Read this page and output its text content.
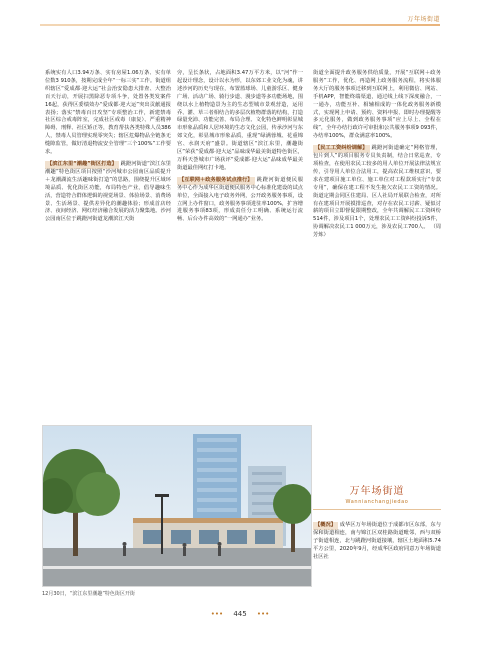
万年场街道

系统实有人口3.94万条、实有房屋1.06万条、实有单位数3 910条，按期完成全年“一标三实”工作。街道组织辖区“爱成都·迎大运”社会治安隐患大排查、大整治百天行动，开展扫黑除恶专项斗争，处置各类发案件16起，获得区委绩效办“爱成都·迎大运”突出贡献通报表扬；落实“禁毒百日攻坚”专项整治工作，新建禁毒社区综合戒毒阵室，完成社区戒毒（康复）、严重精神障碍、刑释、社区矫正等，教育帮扶各类特殊人员386人，禁毒人员管理实现零突失；辖区危爆物品全链条无缝隙监管，做好清退物流安全管理“三个100%”工作要求。

【滨江东里“潮趣”街区打造】 跳蹬河街道“滨江东里潮趣”特色街区项目按照“沙河城市公园南区品质提升＋龙潮湖流生活趣味街打造”的思路，围绕提升区域环境品质、优化街区功能，布局特色产业，倡导趣味生活，营造符合群体逻辑的视觉场景、体验场景、消费场景、生活场景、提供差异化的潮趣体验；形成首店经济、夜间经济、网红经济融合发展的活力聚集地。沙河公园南区位于跳蹬河街道龙潮滨江天街

旁，呈长条状，占地面积3.47万平方米，以“河”作一起设计理念，设计以水为形，以东郊工业文化为魂，讲述沙河的历史与现在，布置篮球场、儿童游乐区、健身广场、活动广场、骑行步道、漫步道等多功能场地，围绕以水上植物造景为主的生态型城市景观营造，运用乔、灌、草三者相结合的多层次植物群落的结构，打造绿量充沛、功能完善、布局合理、文化特色鲜明彰显城市形象品质和人居环境的生态文化公园，传承沙河与东郊文化，彰显城市形象品质，重现“绿满蓉城、花重锦官、水润天府”盛景。街道辖区“滨江东里，潮趣街区”荣获“爱成都·迎大运”品味成华最美街道特色街区，万科天荟城市广场获评“爱成都·迎大运”品味成华最美街道最佳网红打卡地。

【互联网＋政务服务试点推行】 跳蹬河街道便民服务中心作为成华区街道便民服务中心标准化建设的试点单位，全面接入电子政务外网，公开政务服务事项，设立网上办件窗口，政务服务事项进驻率100%，扩容增进服务事项83项，形成责任分工明确、系统运行流畅、后台办件高效的“一网通办”业务。

街道全面提升政务服务供给质量，开展“互联网＋政务服务”工作，优化、再造网上政务服务流程，将实体服务大厅的服务事项迁移到互联网上，利用微信、网站、手机APP，智能终端渠道，通过线上线下深度融合，一一通办，功能互补、相辅相成的一体化政务服务新模式，实现网上申请、预约、资料申报、即时办理提醒等多元化服务，做到政务服务事项“应上尽上、全程在线”，全年办结行政许可审批和公共服务事项9 093件，办结率100%，群众满意率100%。

【民工工资纠纷调解】 跳蹬河街道确定“网格管理，包片到人”的项目服务专员负责制，结合日常巡查，专项检查，在使用农民工较多的用人单位开展法律法规宣传，引导用人单位合法用工，提高农民工维权意识，要求在建项目施工单位、施工单位对工程款项实行“专款专用”，确保在建工程不发生拖欠农民工工资的情况。街道定期会同区住建局、区人社局开展联合检查，对所有在建项目开展摸排巡查，对存在农民工讨薪、疑似讨薪的项目立即督促限期整改，全年共调解民工工资纠纷514件，涉及项目1个，处理农民工工资纠纷投诉5件，协调解决农民工1 000万元，涉及农民工700人。 （周芳炼）

12月30日，“滨江东里潮趣”特色街区开街
万年场街道
Wannianchangjiedao

【概况】 成华区万年场街道位于成都市区东部，东与保和街道相连，南与锦江区双桂路街道毗邻，西与双桥子街道相连，北与跳蹬河街道接壤，辖区土地面积5.74平方公里，2020年9月，经成华区政府同意万年场街道社区社

••• 445 •••
